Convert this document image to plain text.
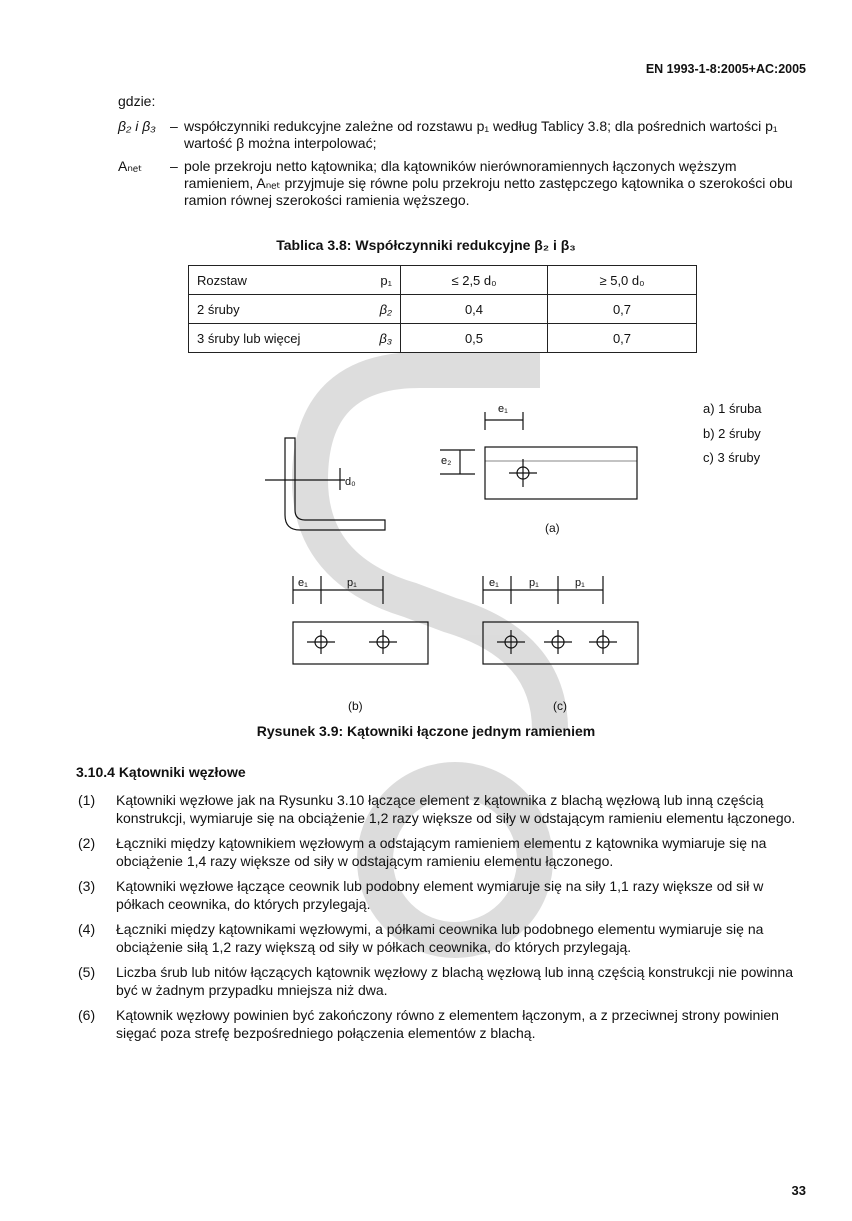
EN 1993-1-8:2005+AC:2005
gdzie:
β₂ i β₃	– współczynniki redukcyjne zależne od rozstawu p₁ według Tablicy 3.8; dla pośrednich wartości p₁ wartość β można interpolować;
Aₙₑₜ	– pole przekroju netto kątownika; dla kątowników nierównoramiennych łączonych węższym ramieniem, Aₙₑₜ przyjmuje się równe polu przekroju netto zastępczego kątownika o szerokości obu ramion równej szerokości ramienia węższego.
Tablica 3.8: Współczynniki redukcyjne β₂ i β₃
Rozstaw p₁	≤ 2,5 d₀	≥ 5,0 d₀

2 śruby β₂	0,4	0,7

3 śruby lub więcej β₃	0,5	0,7
a) 1 śruba
b) 2 śruby
c) 3 śruby
e₁
e₂
d₀
(a)
e₁	p₁	e₁	p₁	p₁
(b)	(c)
Rysunek 3.9: Kątowniki łączone jednym ramieniem
3.10.4 Kątowniki węzłowe
(1)	Kątowniki węzłowe jak na Rysunku 3.10 łączące element z kątownika z blachą węzłową lub inną częścią konstrukcji, wymiaruje się na obciążenie 1,2 razy większe od siły w odstającym ramieniu elementu łączonego.
(2)	Łączniki między kątownikiem węzłowym a odstającym ramieniem elementu z kątownika wymiaruje się na obciążenie 1,4 razy większe od siły w odstającym ramieniu elementu łączonego.
(3)	Kątowniki węzłowe łączące ceownik lub podobny element wymiaruje się na siły 1,1 razy większe od sił w półkach ceownika, do których przylegają.
(4)	Łączniki między kątownikami węzłowymi, a półkami ceownika lub podobnego elementu wymiaruje się na obciążenie siłą 1,2 razy większą od siły w półkach ceownika, do których przylegają.
(5)	Liczba śrub lub nitów łączących kątownik węzłowy z blachą węzłową lub inną częścią konstrukcji nie powinna być w żadnym przypadku mniejsza niż dwa.
(6)	Kątownik węzłowy powinien być zakończony równo z elementem łączonym, a z przeciwnej strony powinien sięgać poza strefę bezpośredniego połączenia elementów z blachą.
33
